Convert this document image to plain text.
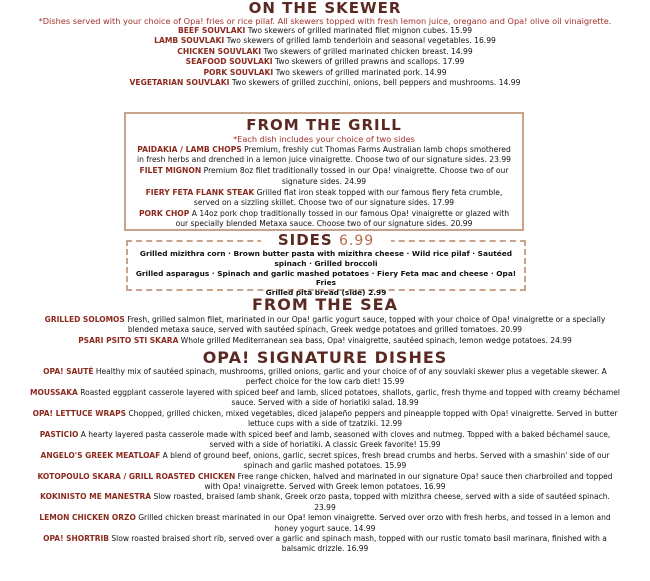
ON THE SKEWER
*Dishes served with your choice of Opa! fries or rice pilaf. All skewers topped with fresh lemon juice, oregano and Opa! olive oil vinaigrette.
BEEF SOUVLAKI Two skewers of grilled marinated filet mignon cubes. 15.99
LAMB SOUVLAKI Two skewers of grilled lamb tenderloin and seasonal vegetables. 16.99
CHICKEN SOUVLAKI Two skewers of grilled marinated chicken breast. 14.99
SEAFOOD SOUVLAKI Two skewers of grilled prawns and scallops. 17.99
PORK SOUVLAKI Two skewers of grilled marinated pork. 14.99
VEGETARIAN SOUVLAKI Two skewers of grilled zucchini, onions, bell peppers and mushrooms. 14.99
FROM THE GRILL
*Each dish includes your choice of two sides
PAIDAKIA / LAMB CHOPS Premium, freshly cut Thomas Farms Australian lamb chops smothered in fresh herbs and drenched in a lemon juice vinaigrette. Choose two of our signature sides. 23.99
FILET MIGNON Premium 8oz filet traditionally tossed in our Opa! vinaigrette. Choose two of our signature sides. 24.99
FIERY FETA FLANK STEAK Grilled flat iron steak topped with our famous fiery feta crumble, served on a sizzling skillet. Choose two of our signature sides. 17.99
PORK CHOP A 14oz pork chop traditionally tossed in our famous Opa! vinaigrette or glazed with our specially blended Metaxa sauce. Choose two of our signature sides. 20.99
SIDES 6.99
Grilled mizithra corn · Brown butter pasta with mizithra cheese · Wild rice pilaf · Sautéed spinach · Grilled broccoli
Grilled asparagus · Spinach and garlic mashed potatoes · Fiery Feta mac and cheese · Opa! Fries
Grilled pita bread (side) 2.99
FROM THE SEA
GRILLED SOLOMOS Fresh, grilled salmon filet, marinated in our Opa! garlic yogurt sauce, topped with your choice of Opa! vinaigrette or a specially blended metaxa sauce, served with sautéed spinach, Greek wedge potatoes and grilled tomatoes. 20.99
PSARI PSITO STI SKARA Whole grilled Mediterranean sea bass, Opa! vinaigrette, sautéed spinach, lemon wedge potatoes. 24.99
OPA! SIGNATURE DISHES
OPA! SAUTÉ Healthy mix of sautéed spinach, mushrooms, grilled onions, garlic and your choice of of any souvlaki skewer plus a vegetable skewer. A perfect choice for the low carb diet! 15.99
MOUSSAKA Roasted eggplant casserole layered with spiced beef and lamb, sliced potatoes, shallots, garlic, fresh thyme and topped with creamy béchamel sauce. Served with a side of horiatiki salad. 18.99
OPA! LETTUCE WRAPS Chopped, grilled chicken, mixed vegetables, diced jalapeño peppers and pineapple topped with Opa! vinaigrette. Served in butter lettuce cups with a side of tzatziki. 12.99
PASTICIO A hearty layered pasta casserole made with spiced beef and lamb, seasoned with cloves and nutmeg. Topped with a baked béchamel sauce, served with a side of horiatiki. A classic Greek favorite! 15.99
ANGELO'S GREEK MEATLOAF A blend of ground beef, onions, garlic, secret spices, fresh bread crumbs and herbs. Served with a smashin' side of our spinach and garlic mashed potatoes. 15.99
KOTOPOULO SKARA / GRILL ROASTED CHICKEN Free range chicken, halved and marinated in our signature Opa! sauce then charbroiled and topped with Opa! vinaigrette. Served with Greek lemon potatoes. 16.99
KOKINISTO ME MANESTRA Slow roasted, braised lamb shank, Greek orzo pasta, topped with mizithra cheese, served with a side of sautéed spinach. 23.99
LEMON CHICKEN ORZO Grilled chicken breast marinated in our Opa! lemon vinaigrette. Served over orzo with fresh herbs, and tossed in a lemon and honey yogurt sauce. 14.99
OPA! SHORTRIB Slow roasted braised short rib, served over a garlic and spinach mash, topped with our rustic tomato basil marinara, finished with a balsamic drizzle. 16.99
